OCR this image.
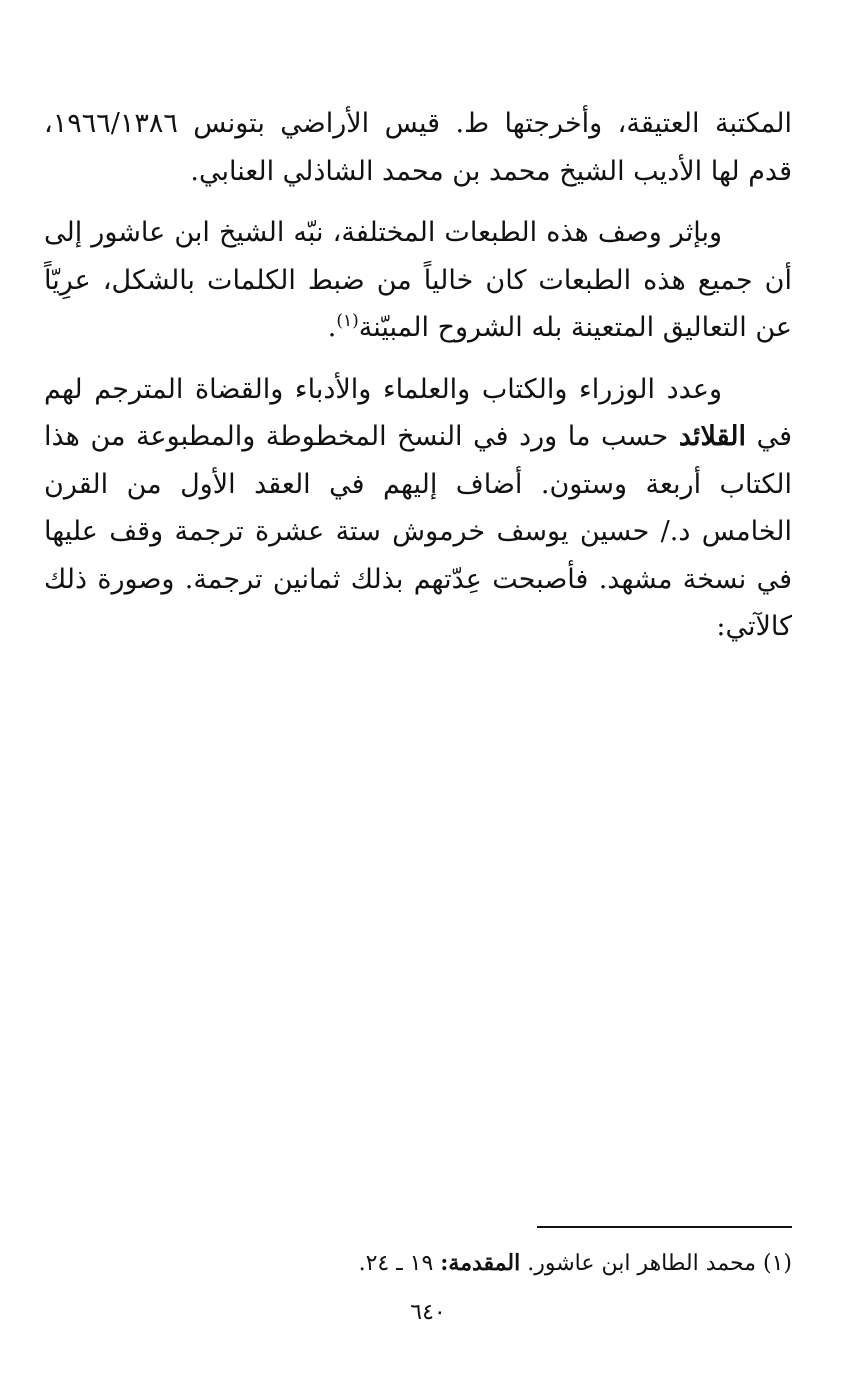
المكتبة العتيقة، وأخرجتها ط. قيس الأراضي بتونس ١٩٦٦/١٣٨٦، قدم لها الأديب الشيخ محمد بن محمد الشاذلي العنابي.

وبإثر وصف هذه الطبعات المختلفة، نبّه الشيخ ابن عاشور إلى أن جميع هذه الطبعات كان خالياً من ضبط الكلمات بالشكل، عرِيّاً عن التعاليق المتعينة بله الشروح المبيّنة$^{(١)}$.

وعدد الوزراء والكتاب والعلماء والأدباء والقضاة المترجم لهم في القلائد حسب ما ورد في النسخ المخطوطة والمطبوعة من هذا الكتاب أربعة وستون. أضاف إليهم في العقد الأول من القرن الخامس د./ حسين يوسف خرموش ستة عشرة ترجمة وقف عليها في نسخة مشهد. فأصبحت عِدّتهم بذلك ثمانين ترجمة. وصورة ذلك كالآتي:

(١) محمد الطاهر ابن عاشور. المقدمة: ١٩ ـ ٢٤.

٦٤٠
